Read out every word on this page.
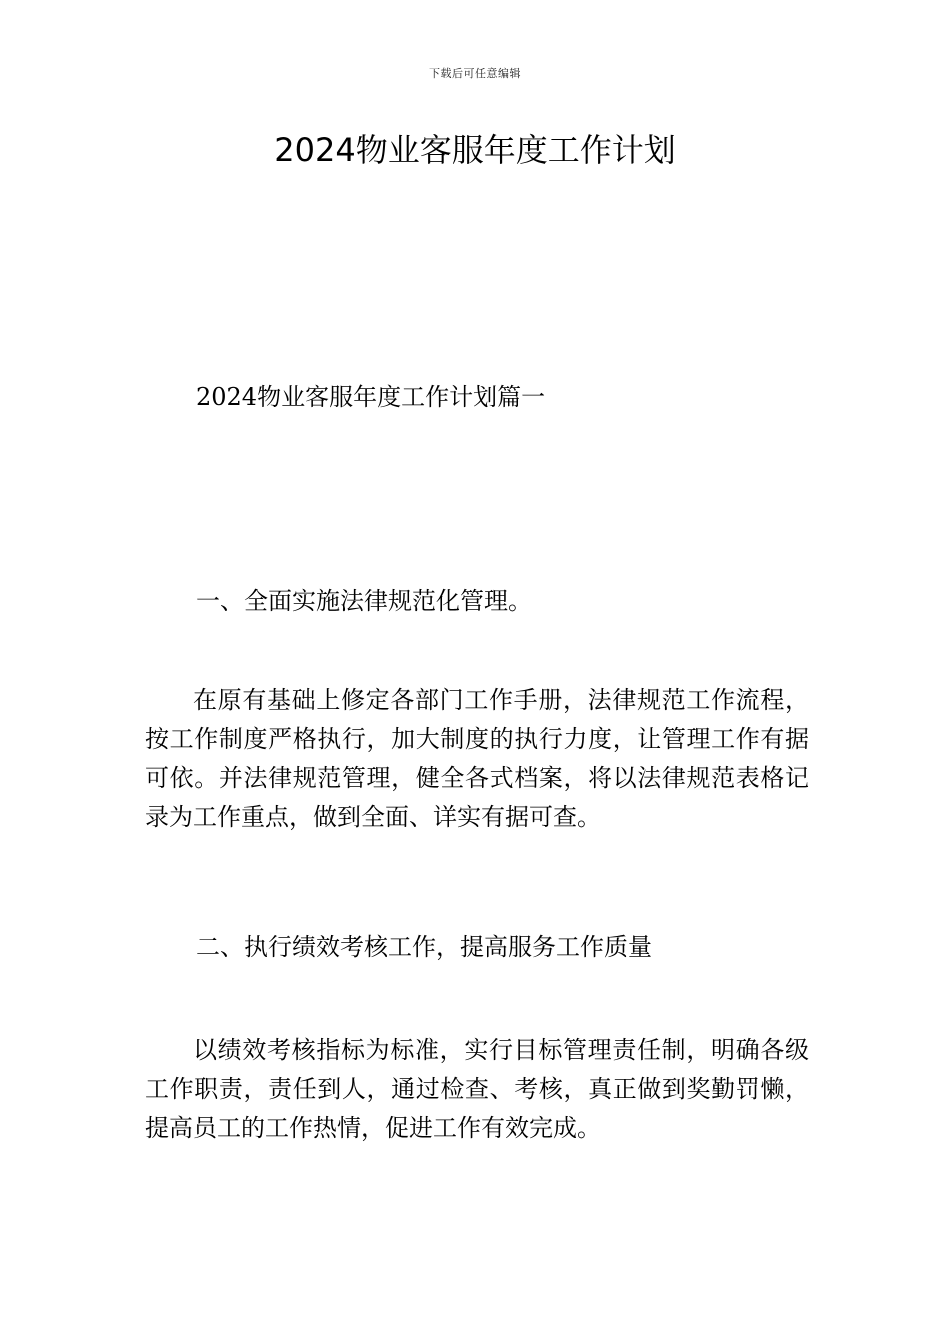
下载后可任意编辑
2024物业客服年度工作计划

2024物业客服年度工作计划篇一

一、全面实施法律规范化管理。

在原有基础上修定各部门工作手册，法律规范工作流程，按工作制度严格执行，加大制度的执行力度，让管理工作有据可依。并法律规范管理，健全各式档案，将以法律规范表格记录为工作重点，做到全面、详实有据可查。

二、执行绩效考核工作，提高服务工作质量

以绩效考核指标为标准，实行目标管理责任制，明确各级工作职责，责任到人，通过检查、考核，真正做到奖勤罚懒，提高员工的工作热情，促进工作有效完成。
